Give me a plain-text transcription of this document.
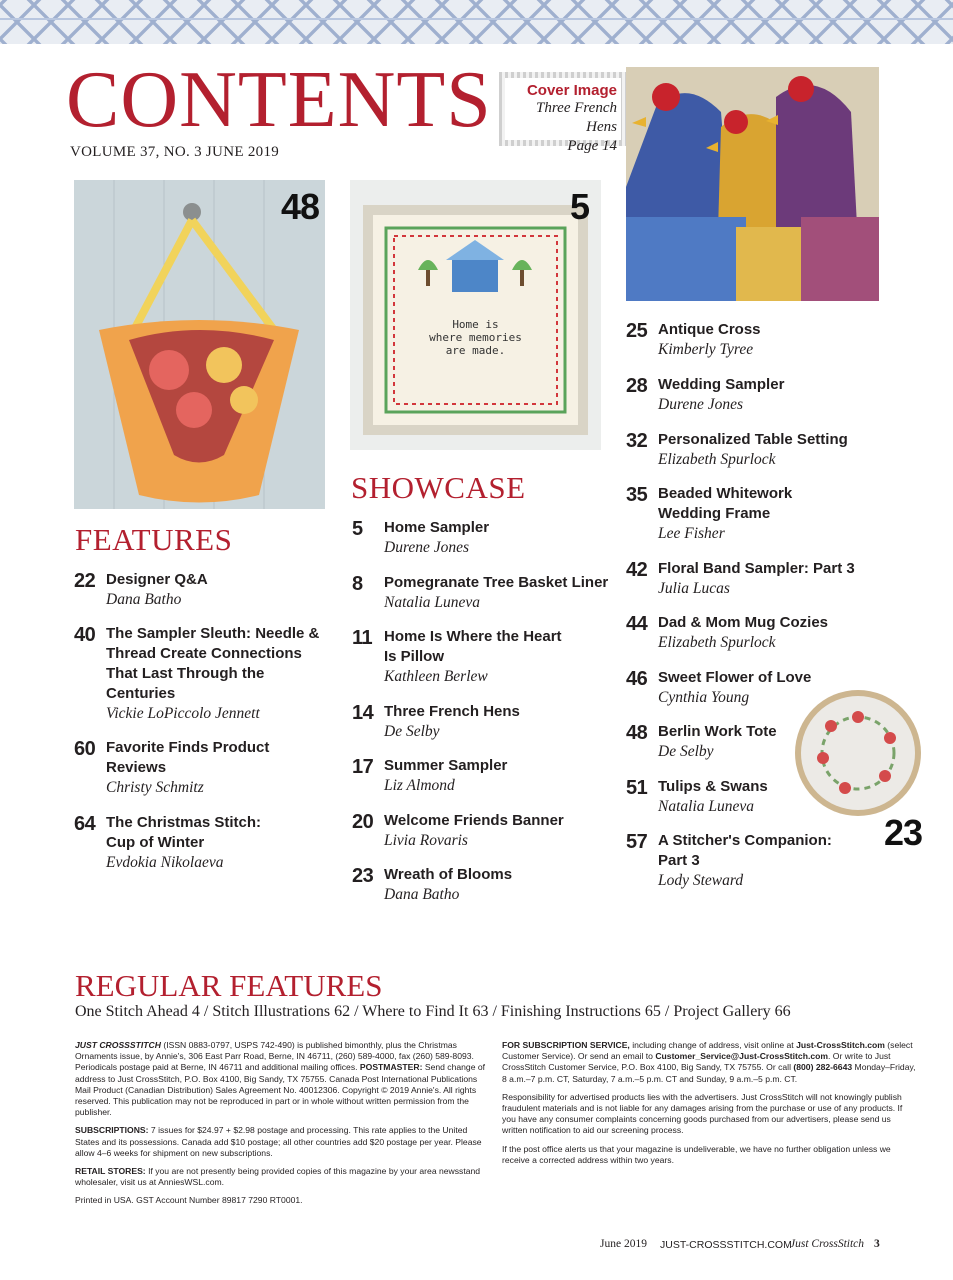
CONTENTS
VOLUME 37, NO. 3 JUNE 2019
Cover Image
Three French Hens
Page 14
48
Home is
where memories
are made.
5
23
FEATURES
22 Designer Q&A
Dana Batho
40 The Sampler Sleuth: Needle & Thread Create Connections That Last Through the Centuries
Vickie LoPiccolo Jennett
60 Favorite Finds Product Reviews
Christy Schmitz
64 The Christmas Stitch: Cup of Winter
Evdokia Nikolaeva
SHOWCASE
5 Home Sampler
Durene Jones
8 Pomegranate Tree Basket Liner
Natalia Luneva
11 Home Is Where the Heart Is Pillow
Kathleen Berlew
14 Three French Hens
De Selby
17 Summer Sampler
Liz Almond
20 Welcome Friends Banner
Livia Rovaris
23 Wreath of Blooms
Dana Batho
25 Antique Cross
Kimberly Tyree
28 Wedding Sampler
Durene Jones
32 Personalized Table Setting
Elizabeth Spurlock
35 Beaded Whitework Wedding Frame
Lee Fisher
42 Floral Band Sampler: Part 3
Julia Lucas
44 Dad & Mom Mug Cozies
Elizabeth Spurlock
46 Sweet Flower of Love
Cynthia Young
48 Berlin Work Tote
De Selby
51 Tulips & Swans
Natalia Luneva
57 A Stitcher's Companion: Part 3
Lody Steward
REGULAR FEATURES
One Stitch Ahead 4 / Stitch Illustrations 62 / Where to Find It 63 / Finishing Instructions 65 / Project Gallery 66

JUST CROSSSTITCH (ISSN 0883-0797, USPS 742-490) is published bimonthly, plus the Christmas Ornaments issue, by Annie's, 306 East Parr Road, Berne, IN 46711, (260) 589-4000, fax (260) 589-8093. Periodicals postage paid at Berne, IN 46711 and additional mailing offices. POSTMASTER: Send change of address to Just CrossStitch, P.O. Box 4100, Big Sandy, TX 75755. Canada Post International Publications Mail Product (Canadian Distribution) Sales Agreement No. 40012306. Copyright © 2019 Annie's. All rights reserved. This publication may not be reproduced in part or in whole without written permission from the publisher.

SUBSCRIPTIONS: 7 issues for $24.97 + $2.98 postage and processing. This rate applies to the United States and its possessions. Canada add $10 postage; all other countries add $20 postage per year. Please allow 4–6 weeks for shipment on new subscriptions.

RETAIL STORES: If you are not presently being provided copies of this magazine by your area newsstand wholesaler, visit us at AnniesWSL.com.

Printed in USA. GST Account Number 89817 7290 RT0001.

FOR SUBSCRIPTION SERVICE, including change of address, visit online at Just-CrossStitch.com (select Customer Service). Or send an email to Customer_Service@Just-CrossStitch.com. Or write to Just CrossStitch Customer Service, P.O. Box 4100, Big Sandy, TX 75755. Or call (800) 282-6643 Monday–Friday, 8 a.m.–7 p.m. CT, Saturday, 7 a.m.–5 p.m. CT and Sunday, 9 a.m.–5 p.m. CT.

Responsibility for advertised products lies with the advertisers. Just CrossStitch will not knowingly publish fraudulent materials and is not liable for any damages arising from the purchase or use of any products. If you have any consumer complaints concerning goods purchased from our advertisers, please send us written notification to aid our screening process.

If the post office alerts us that your magazine is undeliverable, we have no further obligation unless we receive a corrected address within two years.

June 2019 JUST-CROSSSTITCH.COM
Just CrossStitch 3
